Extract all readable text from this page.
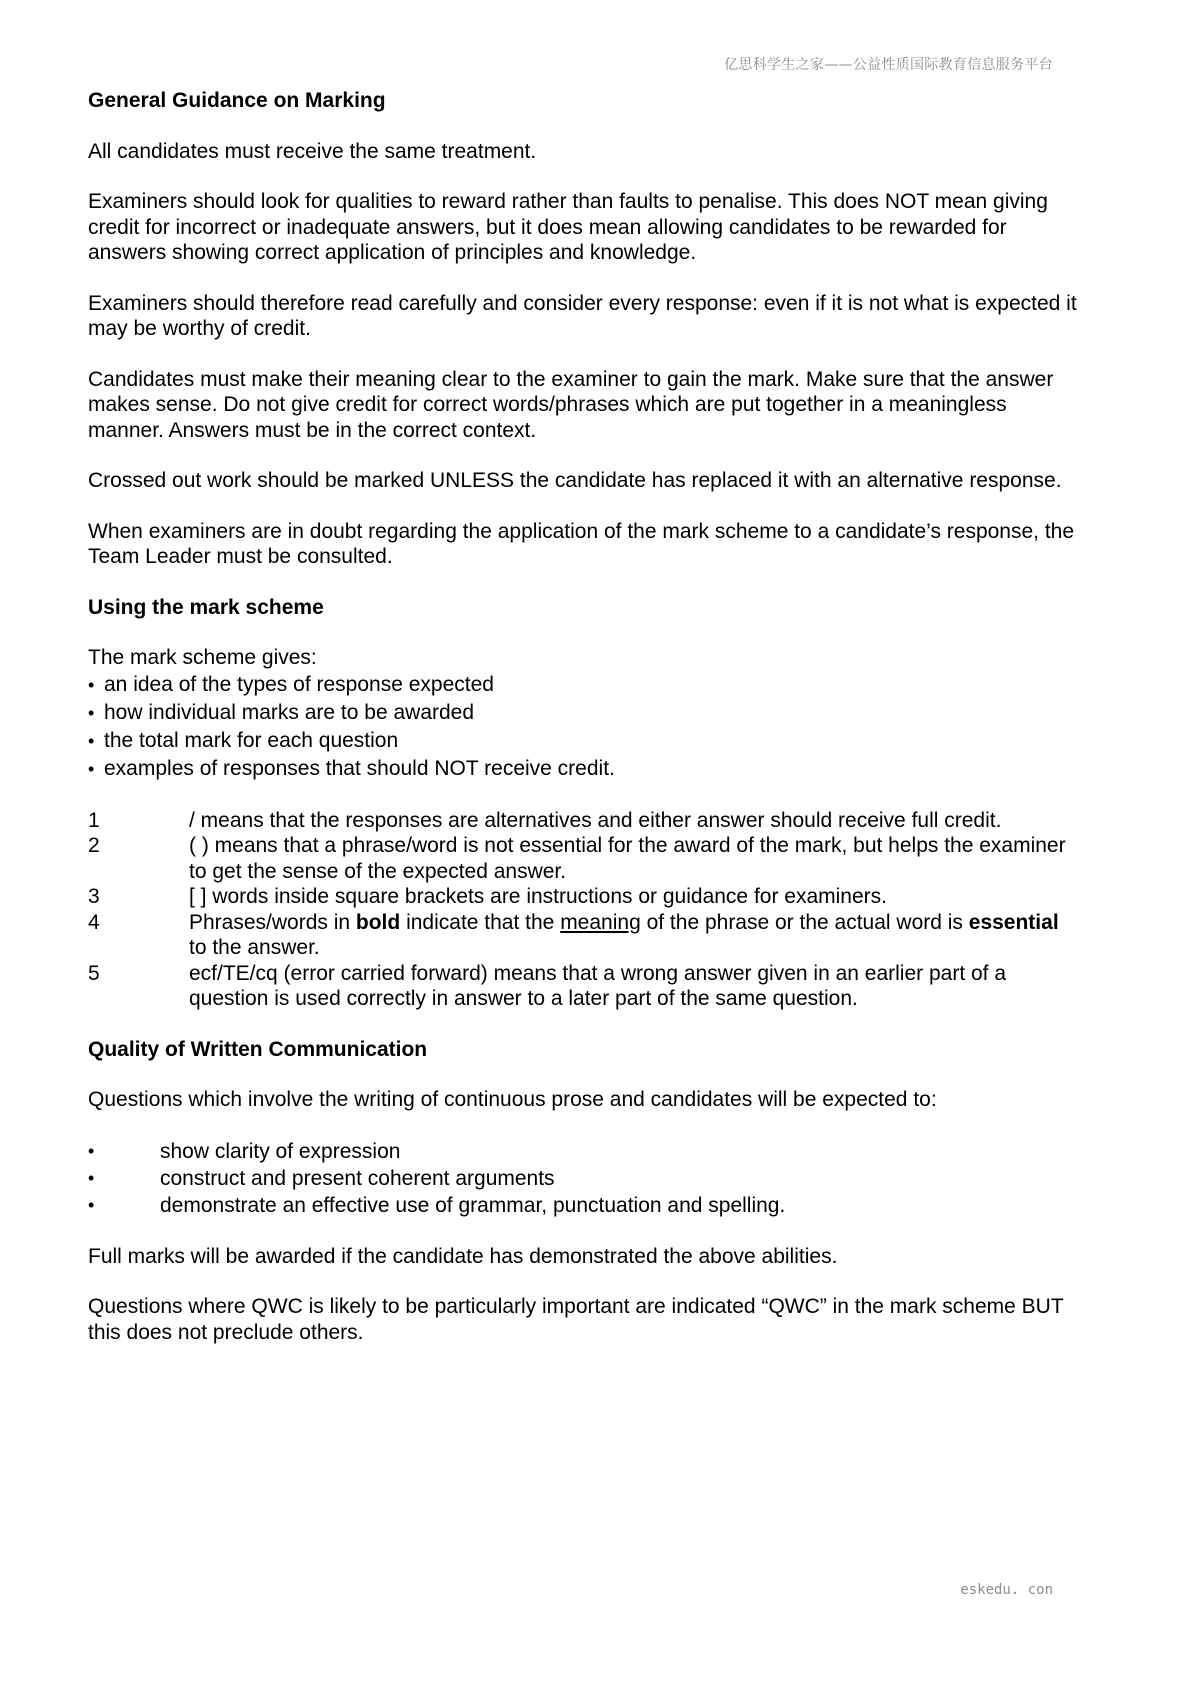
亿思科学生之家——公益性质国际教育信息服务平台
General Guidance on Marking

All candidates must receive the same treatment.

Examiners should look for qualities to reward rather than faults to penalise. This does NOT mean giving credit for incorrect or inadequate answers, but it does mean allowing candidates to be rewarded for answers showing correct application of principles and knowledge.

Examiners should therefore read carefully and consider every response: even if it is not what is expected it may be worthy of credit.

Candidates must make their meaning clear to the examiner to gain the mark. Make sure that the answer makes sense. Do not give credit for correct words/phrases which are put together in a meaningless manner. Answers must be in the correct context.

Crossed out work should be marked UNLESS the candidate has replaced it with an alternative response.

When examiners are in doubt regarding the application of the mark scheme to a candidate’s response, the Team Leader must be consulted.

Using the mark scheme

The mark scheme gives:

• an idea of the types of response expected
• how individual marks are to be awarded
• the total mark for each question
• examples of responses that should NOT receive credit.
1	/ means that the responses are alternatives and either answer should receive full credit.
2	( ) means that a phrase/word is not essential for the award of the mark, but helps the examiner to get the sense of the expected answer.
3	[ ] words inside square brackets are instructions or guidance for examiners.
4	Phrases/words in bold indicate that the meaning of the phrase or the actual word is essential to the answer.
5	ecf/TE/cq (error carried forward) means that a wrong answer given in an earlier part of a question is used correctly in answer to a later part of the same question.
Quality of Written Communication

Questions which involve the writing of continuous prose and candidates will be expected to:

•	show clarity of expression
•	construct and present coherent arguments
•	demonstrate an effective use of grammar, punctuation and spelling.

Full marks will be awarded if the candidate has demonstrated the above abilities.

Questions where QWC is likely to be particularly important are indicated “QWC” in the mark scheme BUT this does not preclude others.

eskedu. con
